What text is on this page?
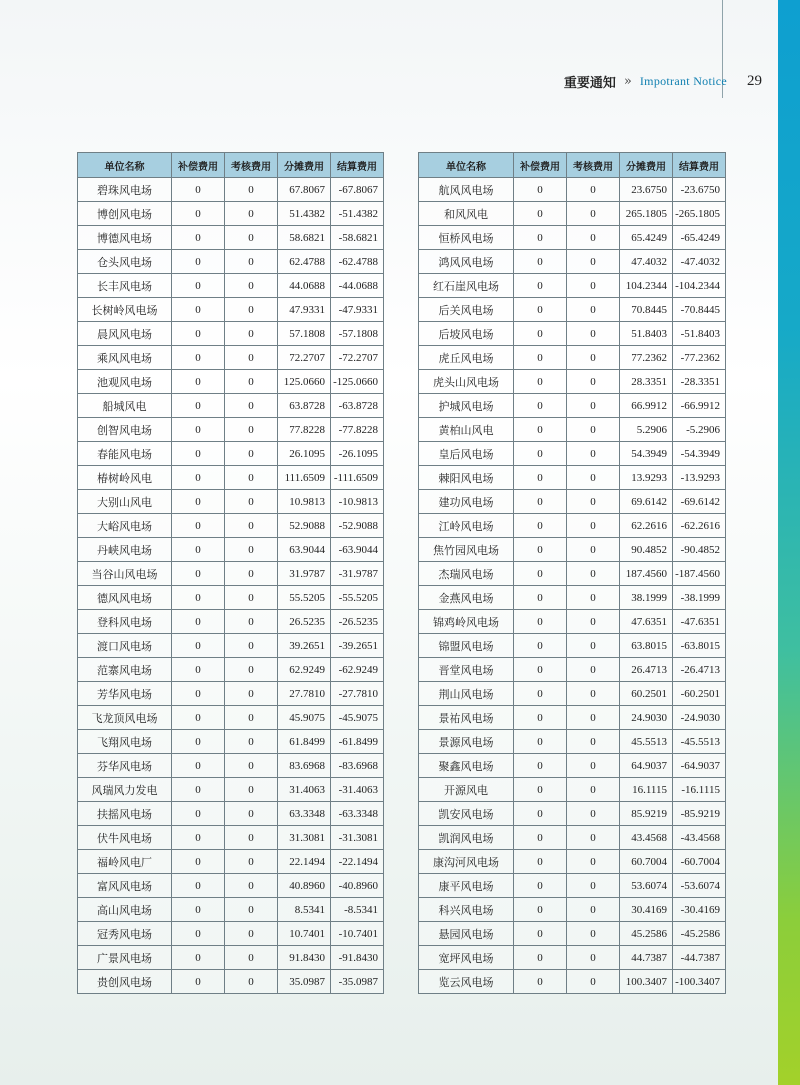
重要通知 » Impotrant Notice 29
单位名称	补偿费用	考核费用	分摊费用	结算费用
碧珠风电场	0	0	67.8067	-67.8067
博创风电场	0	0	51.4382	-51.4382
博德风电场	0	0	58.6821	-58.6821
仓头风电场	0	0	62.4788	-62.4788
长丰风电场	0	0	44.0688	-44.0688
长树岭风电场	0	0	47.9331	-47.9331
晨风风电场	0	0	57.1808	-57.1808
乘风风电场	0	0	72.2707	-72.2707
池观风电场	0	0	125.0660	-125.0660
船城风电	0	0	63.8728	-63.8728
创智风电场	0	0	77.8228	-77.8228
春能风电场	0	0	26.1095	-26.1095
椿树岭风电	0	0	111.6509	-111.6509
大别山风电	0	0	10.9813	-10.9813
大峪风电场	0	0	52.9088	-52.9088
丹峡风电场	0	0	63.9044	-63.9044
当谷山风电场	0	0	31.9787	-31.9787
德风风电场	0	0	55.5205	-55.5205
登科风电场	0	0	26.5235	-26.5235
渡口风电场	0	0	39.2651	-39.2651
范寨风电场	0	0	62.9249	-62.9249
芳华风电场	0	0	27.7810	-27.7810
飞龙顶风电场	0	0	45.9075	-45.9075
飞翔风电场	0	0	61.8499	-61.8499
芬华风电场	0	0	83.6968	-83.6968
风瑞风力发电	0	0	31.4063	-31.4063
扶摇风电场	0	0	63.3348	-63.3348
伏牛风电场	0	0	31.3081	-31.3081
福岭风电厂	0	0	22.1494	-22.1494
富风风电场	0	0	40.8960	-40.8960
高山风电场	0	0	8.5341	-8.5341
冠秀风电场	0	0	10.7401	-10.7401
广景风电场	0	0	91.8430	-91.8430
贵创风电场	0	0	35.0987	-35.0987
单位名称	补偿费用	考核费用	分摊费用	结算费用
航风风电场	0	0	23.6750	-23.6750
和风风电	0	0	265.1805	-265.1805
恒桥风电场	0	0	65.4249	-65.4249
鸿风风电场	0	0	47.4032	-47.4032
红石崖风电场	0	0	104.2344	-104.2344
后关风电场	0	0	70.8445	-70.8445
后坡风电场	0	0	51.8403	-51.8403
虎丘风电场	0	0	77.2362	-77.2362
虎头山风电场	0	0	28.3351	-28.3351
护城风电场	0	0	66.9912	-66.9912
黄柏山风电	0	0	5.2906	-5.2906
皇后风电场	0	0	54.3949	-54.3949
棘阳风电场	0	0	13.9293	-13.9293
建功风电场	0	0	69.6142	-69.6142
江岭风电场	0	0	62.2616	-62.2616
焦竹园风电场	0	0	90.4852	-90.4852
杰瑞风电场	0	0	187.4560	-187.4560
金燕风电场	0	0	38.1999	-38.1999
锦鸡岭风电场	0	0	47.6351	-47.6351
锦盟风电场	0	0	63.8015	-63.8015
晋堂风电场	0	0	26.4713	-26.4713
荆山风电场	0	0	60.2501	-60.2501
景祐风电场	0	0	24.9030	-24.9030
景源风电场	0	0	45.5513	-45.5513
聚鑫风电场	0	0	64.9037	-64.9037
开源风电	0	0	16.1115	-16.1115
凯安风电场	0	0	85.9219	-85.9219
凯润风电场	0	0	43.4568	-43.4568
康沟河风电场	0	0	60.7004	-60.7004
康平风电场	0	0	53.6074	-53.6074
科兴风电场	0	0	30.4169	-30.4169
悬园风电场	0	0	45.2586	-45.2586
宽坪风电场	0	0	44.7387	-44.7387
览云风电场	0	0	100.3407	-100.3407
